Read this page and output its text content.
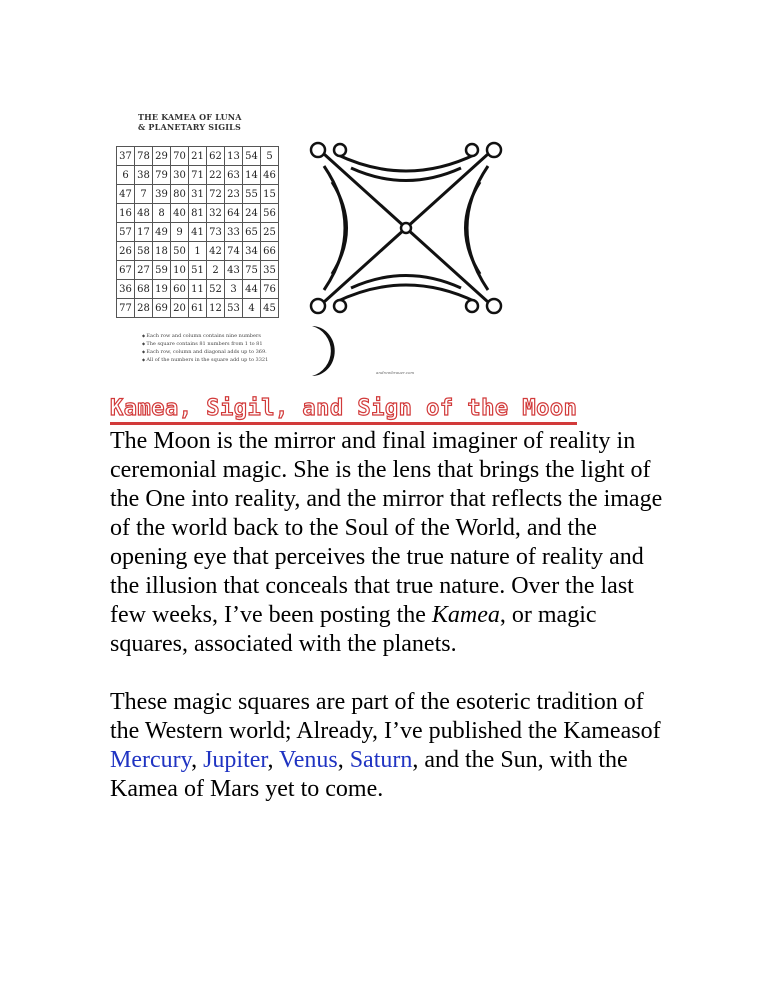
THE KAMEA OF LUNA
& PLANETARY SIGILS
37	78	29	70	21	62	13	54	5
6	38	79	30	71	22	63	14	46
47	7	39	80	31	72	23	55	15
16	48	8	40	81	32	64	24	56
57	17	49	9	41	73	33	65	25
26	58	18	50	1	42	74	34	66
67	27	59	10	51	2	43	75	35
36	68	19	60	11	52	3	44	76
77	28	69	20	61	12	53	4	45
◆ Each row and column contains nine numbers
◆ The square contains 81 numbers from 1 to 81
◆ Each row, column and diagonal adds up to 369.
◆ All of the numbers in the square add up to 3321
andrewbrauer.com
Kamea, Sigil, and Sign of the Moon

The Moon is the mirror and final imaginer of reality in ceremonial magic. She is the lens that brings the light of the One into reality, and the mirror that reflects the image of the world back to the Soul of the World, and the opening eye that perceives the true nature of reality and the illusion that conceals that true nature. Over the last few weeks, I’ve been posting the Kamea, or magic squares, associated with the planets.

These magic squares are part of the esoteric tradition of the Western world; Already, I’ve published the Kameasof Mercury, Jupiter, Venus, Saturn, and the Sun, with the Kamea of Mars yet to come.
